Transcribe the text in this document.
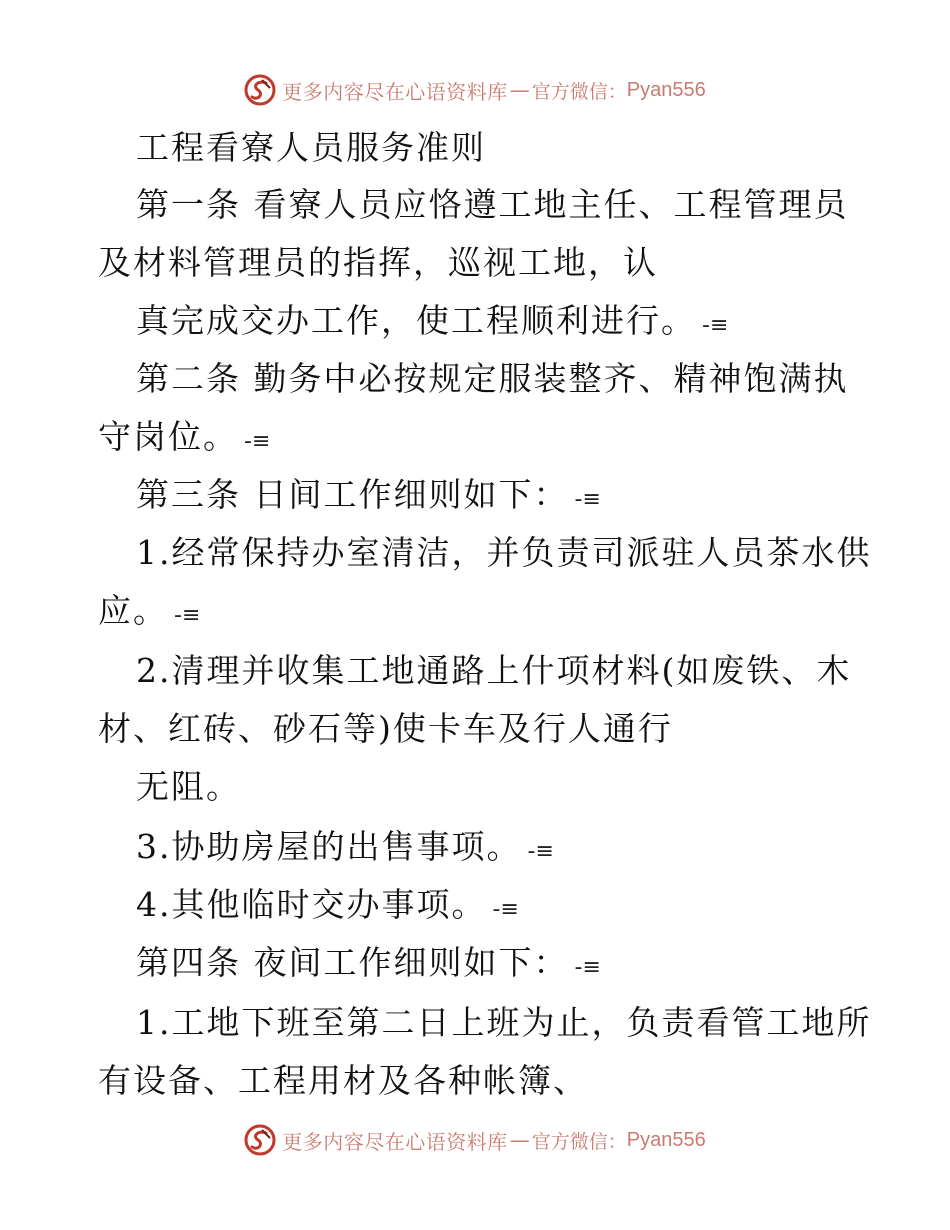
更多内容尽在心语资料库 — 官方微信： Pyan556
工程看寮人员服务准则
第一条 看寮人员应恪遵工地主任、工程管理员
及材料管理员的指挥，巡视工地，认
真完成交办工作，使工程顺利进行。 -≡
第二条 勤务中必按规定服装整齐、精神饱满执
守岗位。 -≡
第三条 日间工作细则如下： -≡
1.经常保持办室清洁，并负责司派驻人员茶水供
应。 -≡
2.清理并收集工地通路上什项材料(如废铁、木
材、红砖、砂石等)使卡车及行人通行
无阻。
3.协助房屋的出售事项。 -≡
4.其他临时交办事项。 -≡
第四条 夜间工作细则如下： -≡
1.工地下班至第二日上班为止，负责看管工地所
有设备、工程用材及各种帐簿、
更多内容尽在心语资料库 — 官方微信： Pyan556
